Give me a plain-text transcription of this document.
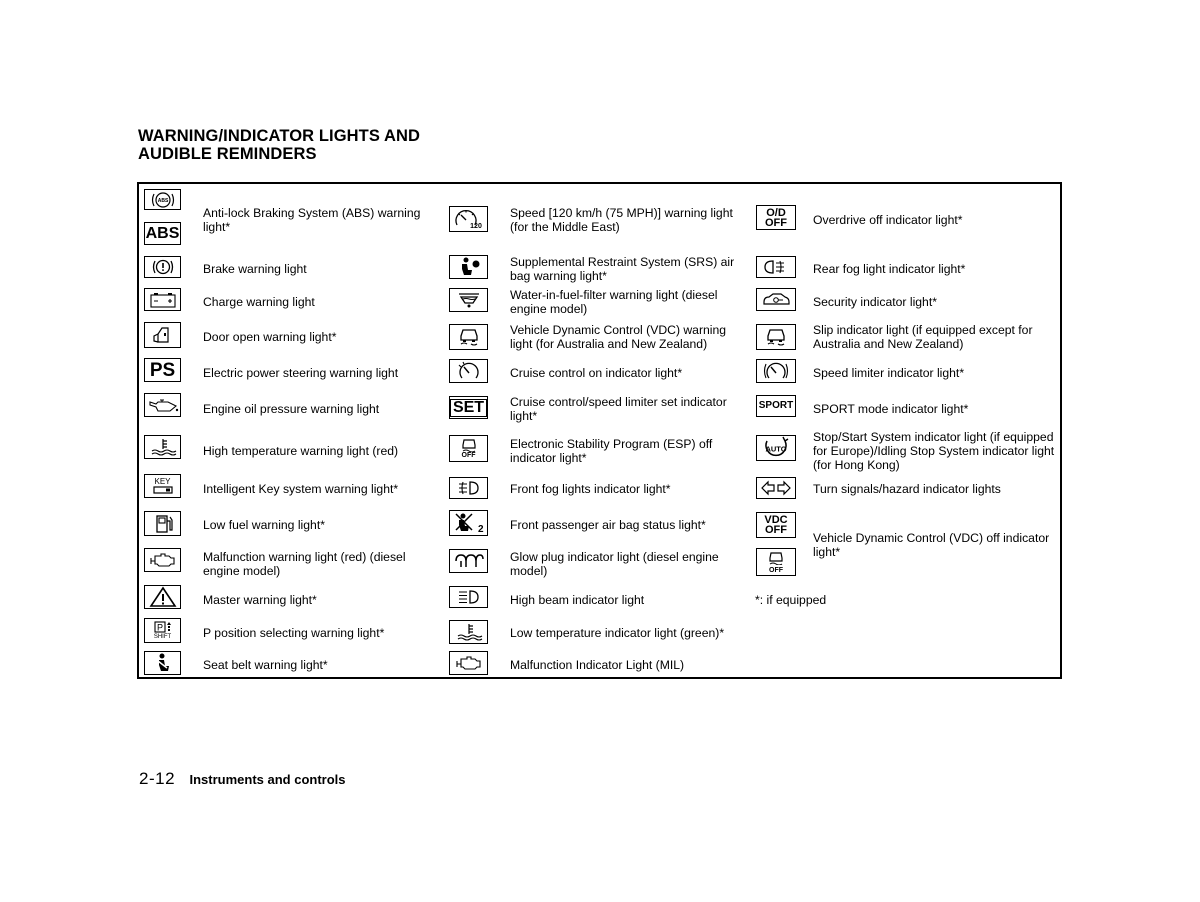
WARNING/INDICATOR LIGHTS AND
AUDIBLE REMINDERS
ABS
ABS
Anti-lock Braking System (ABS) warning light*
Brake warning light
Charge warning light
Door open warning light*
PS Electric power steering warning light
Engine oil pressure warning light
High temperature warning light (red)
KEY
Intelligent Key system warning light*
Low fuel warning light*
Malfunction warning light (red) (diesel engine model)
Master warning light*
P
SHIFT	P position selecting warning light*
Seat belt warning light*
120
Speed [120 km/h (75 MPH)] warning light (for the Middle East)
Supplemental Restraint System (SRS) air bag warning light*
Water-in-fuel-filter warning light (diesel engine model)
Vehicle Dynamic Control (VDC) warning light (for Australia and New Zealand)
Cruise control on indicator light*
SET Cruise control/speed limiter set indicator light*
OFF
Electronic Stability Program (ESP) off indicator light*
Front fog lights indicator light*
2 Front passenger air bag status light*
Glow plug indicator light (diesel engine model)
High beam indicator light
Low temperature indicator light (green)*
Malfunction Indicator Light (MIL)
O/D OFF	Overdrive off indicator light*
Rear fog light indicator light*
Security indicator light*
Slip indicator light (if equipped except for Australia and New Zealand)
Speed limiter indicator light*
SPORT SPORT mode indicator light*
AUTO
Stop/Start System indicator light (if equipped for Europe)/Idling Stop System indicator light (for Hong Kong)
Turn signals/hazard indicator lights
VDC OFF
OFF
Vehicle Dynamic Control (VDC) off indicator light*
*: if equipped
2-12 Instruments and controls
